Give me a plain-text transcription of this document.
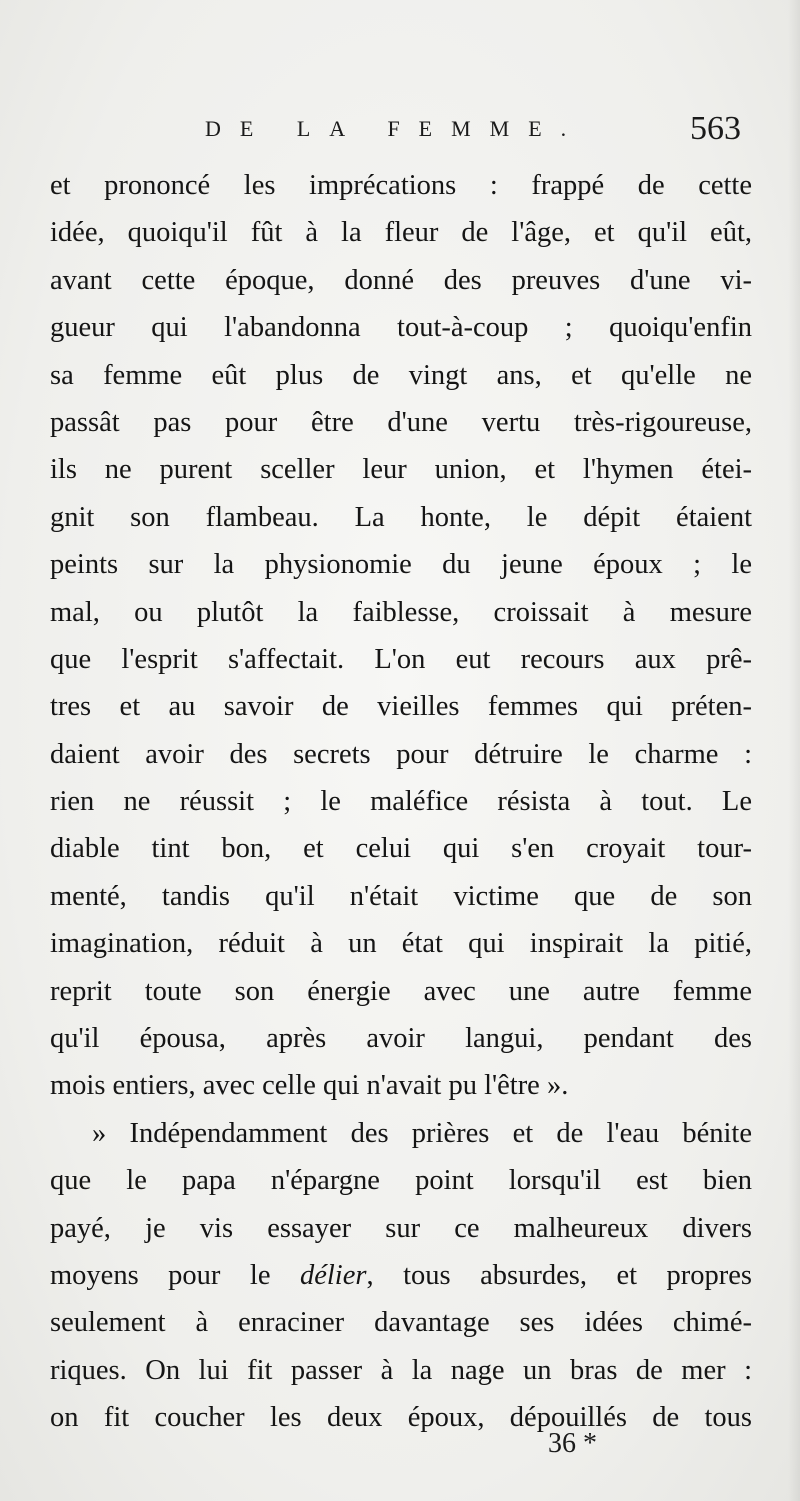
DE LA FEMME.	563
et prononcé les imprécations : frappé de cette
idée, quoiqu'il fût à la fleur de l'âge, et qu'il eût,
avant cette époque, donné des preuves d'une vi-
gueur qui l'abandonna tout-à-coup ; quoiqu'enfin
sa femme eût plus de vingt ans, et qu'elle ne
passât pas pour être d'une vertu très-rigoureuse,
ils ne purent sceller leur union, et l'hymen étei-
gnit son flambeau. La honte, le dépit étaient
peints sur la physionomie du jeune époux ; le
mal, ou plutôt la faiblesse, croissait à mesure
que l'esprit s'affectait. L'on eut recours aux prê-
tres et au savoir de vieilles femmes qui préten-
daient avoir des secrets pour détruire le charme :
rien ne réussit ; le maléfice résista à tout. Le
diable tint bon, et celui qui s'en croyait tour-
menté, tandis qu'il n'était victime que de son
imagination, réduit à un état qui inspirait la pitié,
reprit toute son énergie avec une autre femme
qu'il épousa, après avoir langui, pendant des
mois entiers, avec celle qui n'avait pu l'être ».
» Indépendamment des prières et de l'eau bénite
que le papa n'épargne point lorsqu'il est bien
payé, je vis essayer sur ce malheureux divers
moyens pour le délier, tous absurdes, et propres
seulement à enraciner davantage ses idées chimé-
riques. On lui fit passer à la nage un bras de mer :
on fit coucher les deux époux, dépouillés de tous
36 *
